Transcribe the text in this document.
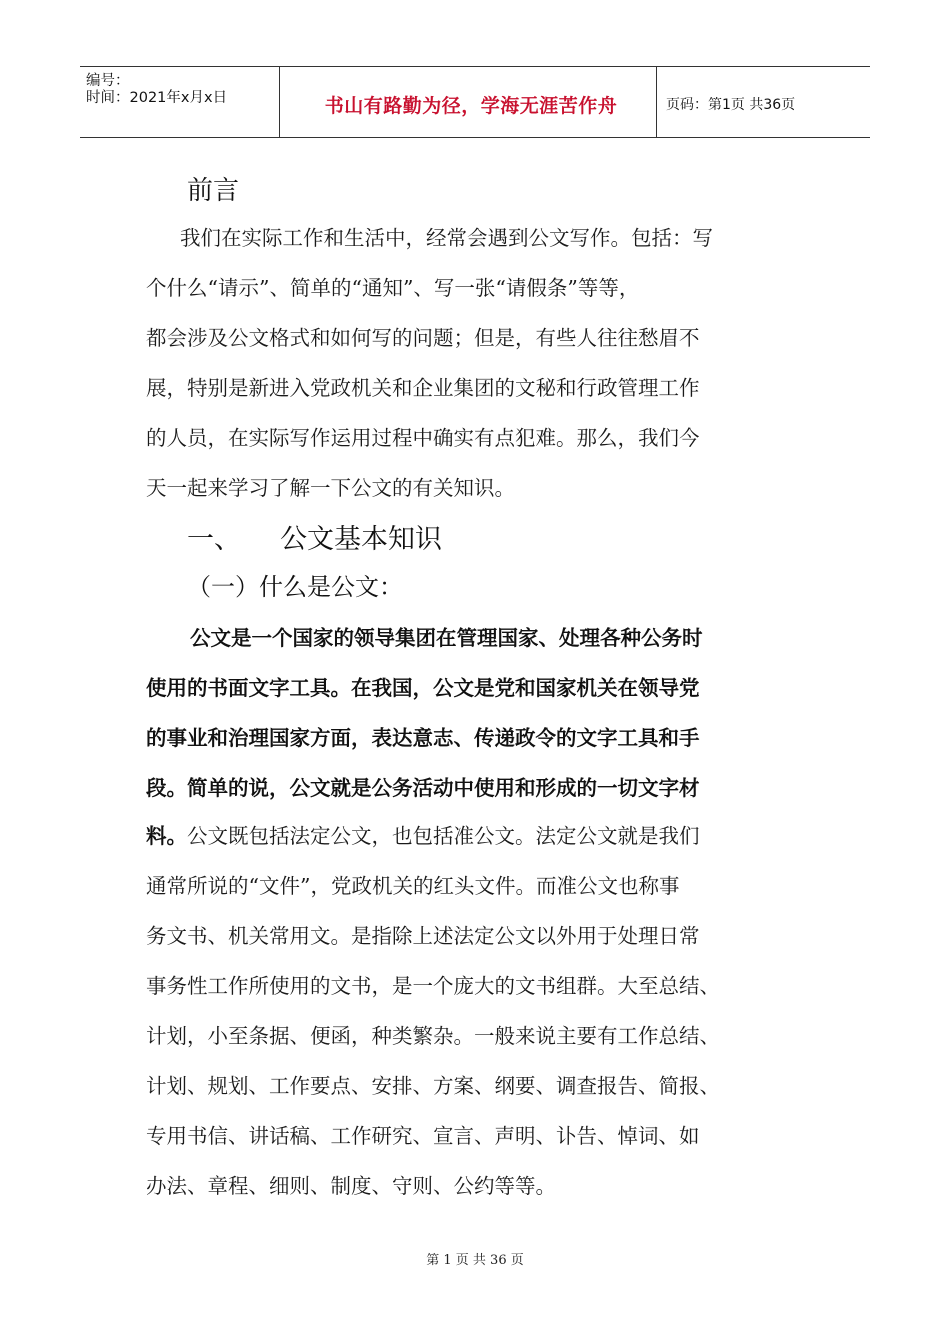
编号：
时间：2021年x月x日	书山有路勤为径，学海无涯苦作舟	页码：第1页 共36页
前言
我们在实际工作和生活中，经常会遇到公文写作。包括：写
个什么“请示”、简单的“通知”、写一张“请假条”等等，
都会涉及公文格式和如何写的问题；但是，有些人往往愁眉不
展，特别是新进入党政机关和企业集团的文秘和行政管理工作
的人员，在实际写作运用过程中确实有点犯难。那么，我们今
天一起来学习了解一下公文的有关知识。
一、 公文基本知识
（一）什么是公文：
公文是一个国家的领导集团在管理国家、处理各种公务时
使用的书面文字工具。在我国，公文是党和国家机关在领导党
的事业和治理国家方面，表达意志、传递政令的文字工具和手
段。简单的说，公文就是公务活动中使用和形成的一切文字材
料。公文既包括法定公文，也包括准公文。法定公文就是我们
通常所说的“文件”，党政机关的红头文件。而准公文也称事
务文书、机关常用文。是指除上述法定公文以外用于处理日常
事务性工作所使用的文书，是一个庞大的文书组群。大至总结、
计划，小至条据、便函，种类繁杂。一般来说主要有工作总结、
计划、规划、工作要点、安排、方案、纲要、调查报告、简报、
专用书信、讲话稿、工作研究、宣言、声明、讣告、悼词、如
办法、章程、细则、制度、守则、公约等等。
第 1 页 共 36 页
